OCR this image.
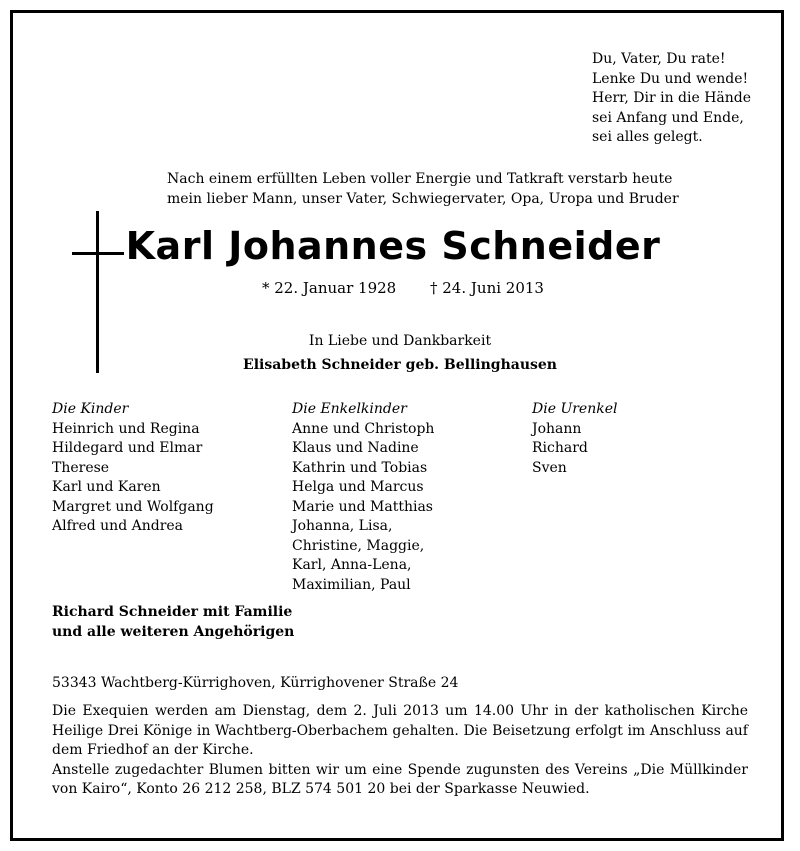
Du, Vater, Du rate!
Lenke Du und wende!
Herr, Dir in die Hände
sei Anfang und Ende,
sei alles gelegt.
Nach einem erfüllten Leben voller Energie und Tatkraft verstarb heute
mein lieber Mann, unser Vater, Schwiegervater, Opa, Uropa und Bruder
Karl Johannes Schneider
* 22. Januar 1928 † 24. Juni 2013
In Liebe und Dankbarkeit
Elisabeth Schneider geb. Bellinghausen
Die Kinder
Heinrich und Regina
Hildegard und Elmar
Therese
Karl und Karen
Margret und Wolfgang
Alfred und Andrea
Die Enkelkinder
Anne und Christoph
Klaus und Nadine
Kathrin und Tobias
Helga und Marcus
Marie und Matthias
Johanna, Lisa,
Christine, Maggie,
Karl, Anna-Lena,
Maximilian, Paul
Die Urenkel
Johann
Richard
Sven
Richard Schneider mit Familie
und alle weiteren Angehörigen
53343 Wachtberg-Kürrighoven, Kürrighovener Straße 24

Die Exequien werden am Dienstag, dem 2. Juli 2013 um 14.00 Uhr in der katholischen Kirche Heilige Drei Könige in Wachtberg-Oberbachem gehalten. Die Beisetzung erfolgt im Anschluss auf dem Friedhof an der Kirche.

Anstelle zugedachter Blumen bitten wir um eine Spende zugunsten des Vereins „Die Müllkinder von Kairo“, Konto 26 212 258, BLZ 574 501 20 bei der Sparkasse Neuwied.
